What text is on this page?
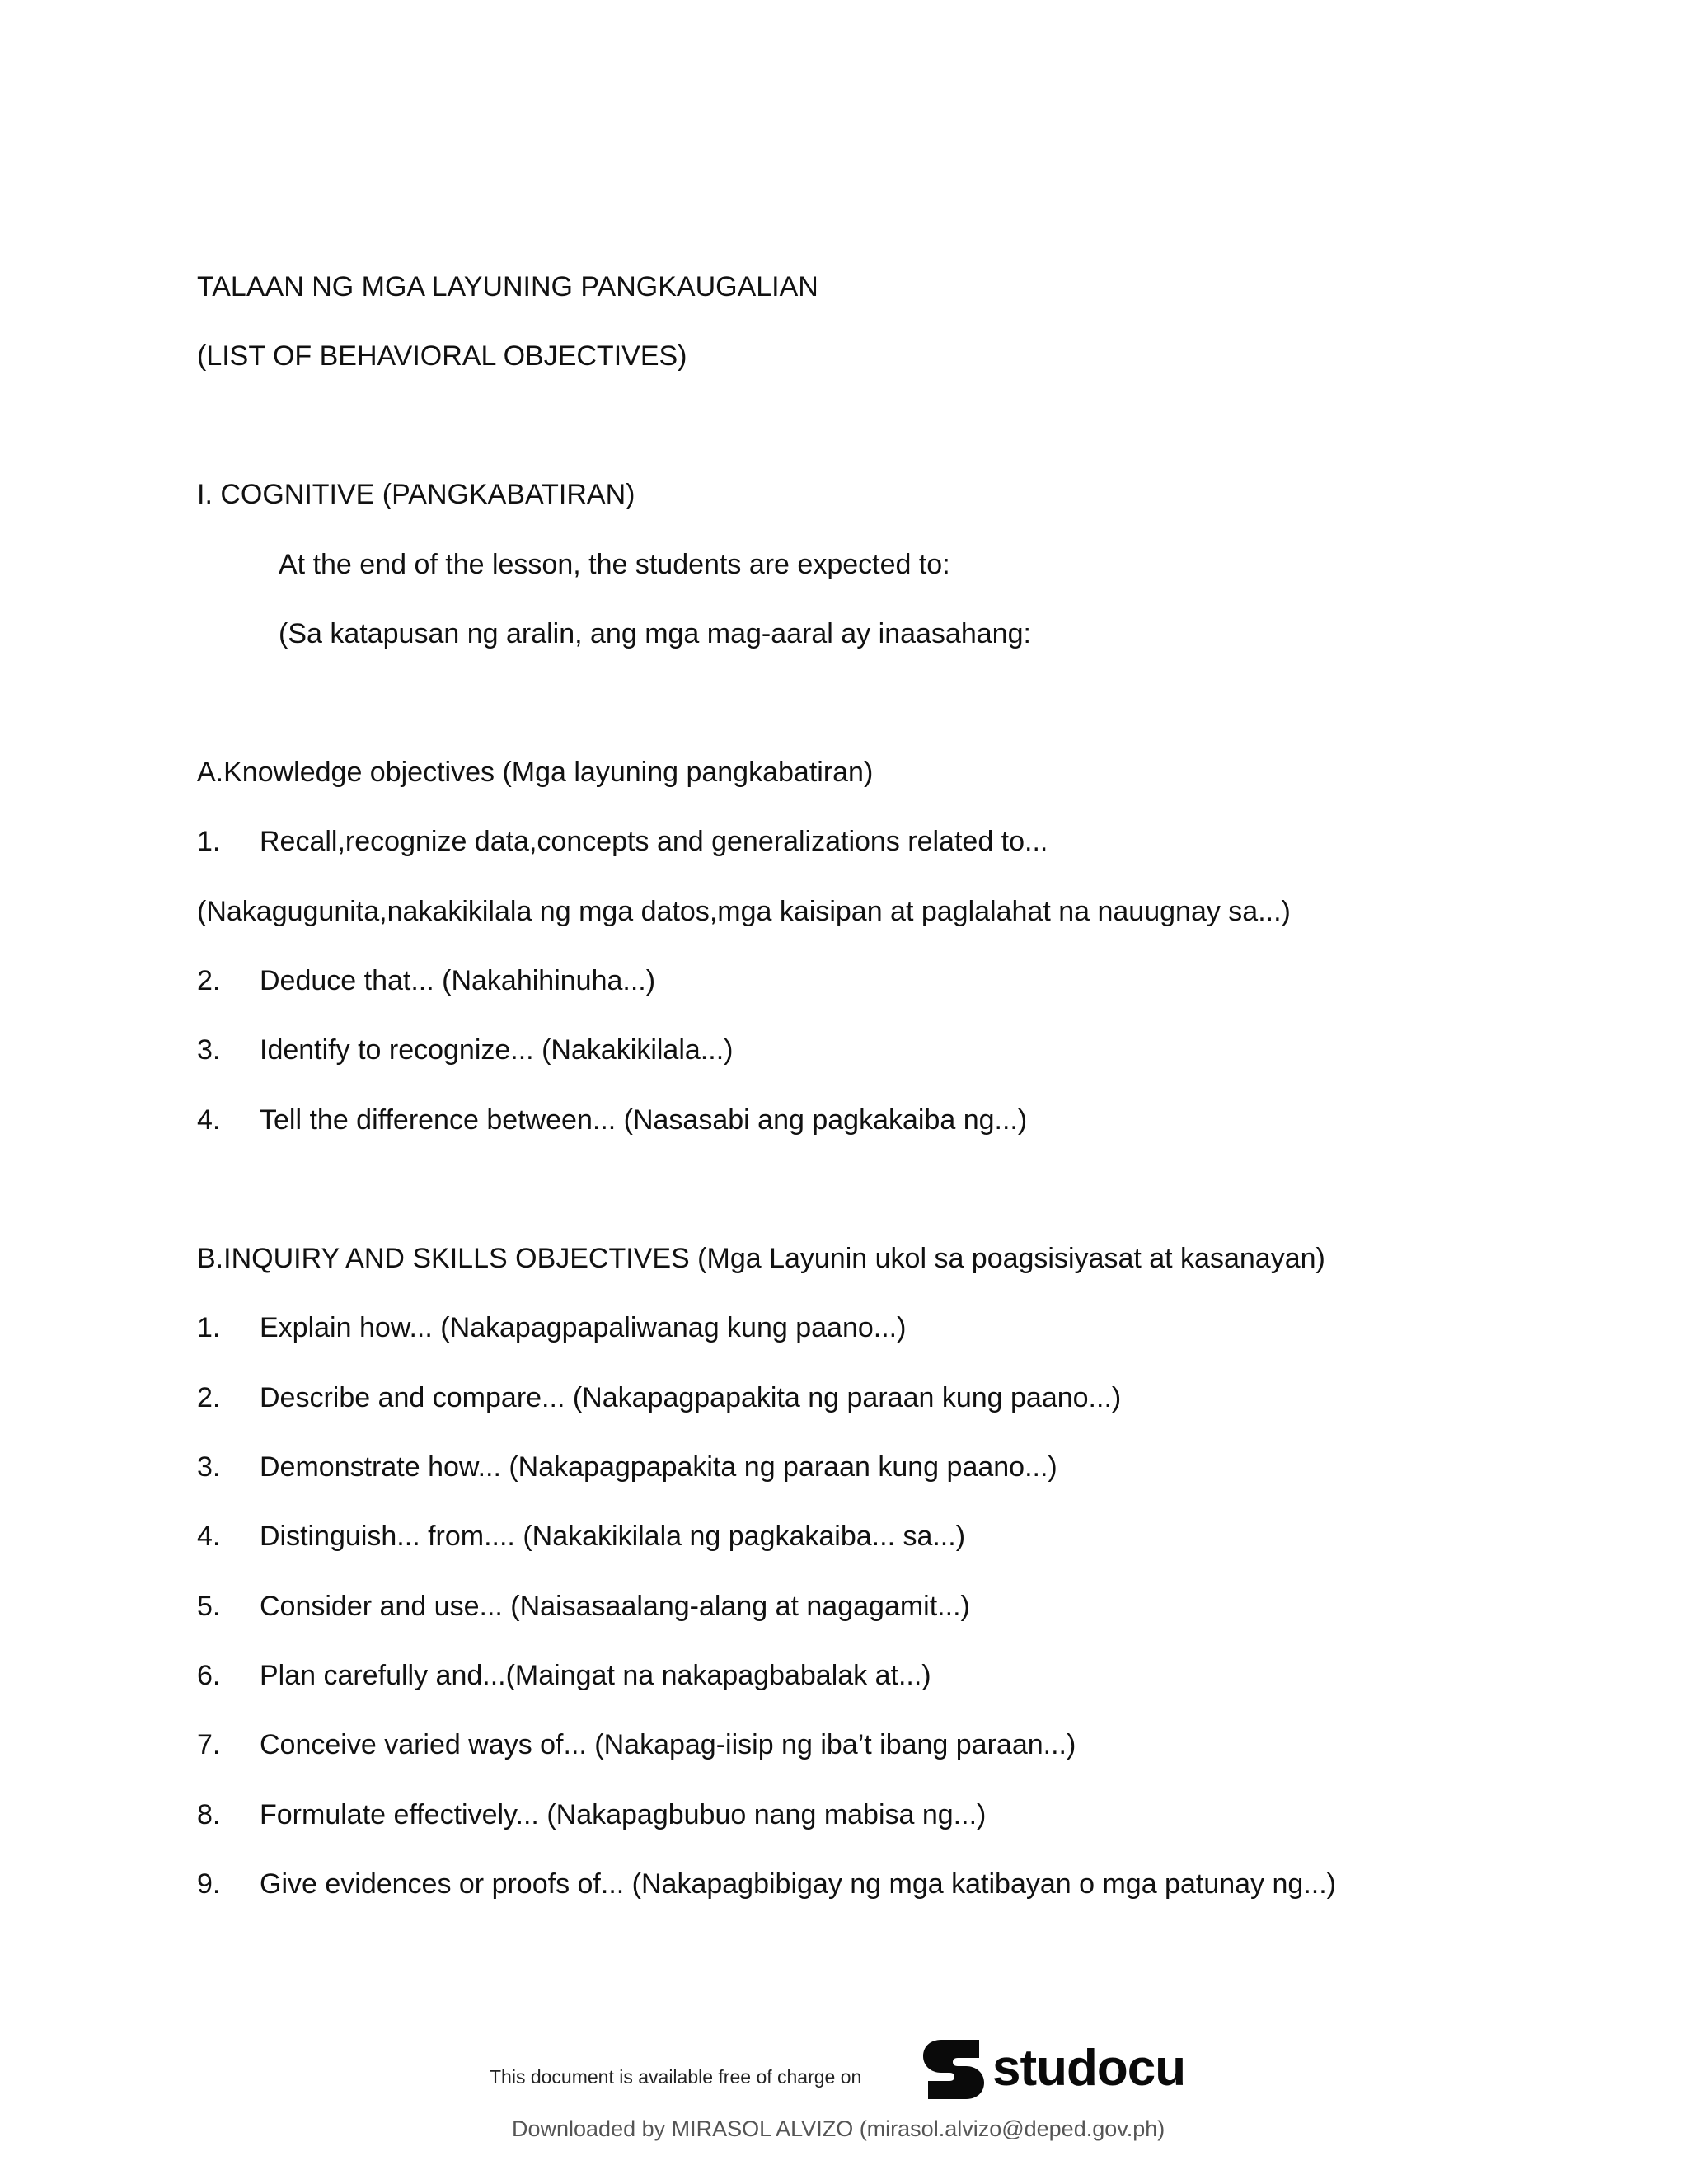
TALAAN NG MGA LAYUNING PANGKAUGALIAN
(LIST OF BEHAVIORAL OBJECTIVES)
I. COGNITIVE (PANGKABATIRAN)
At the end of the lesson, the students are expected to:
(Sa katapusan ng aralin, ang mga mag-aaral ay inaasahang:
A.Knowledge objectives (Mga layuning pangkabatiran)
1. Recall,recognize data,concepts and generalizations related to...
(Nakagugunita,nakakikilala ng mga datos,mga kaisipan at paglalahat na nauugnay sa...)
2. Deduce that... (Nakahihinuha...)
3. Identify to recognize... (Nakakikilala...)
4. Tell the difference between... (Nasasabi ang pagkakaiba ng...)
B.INQUIRY AND SKILLS OBJECTIVES (Mga Layunin ukol sa poagsisiyasat at kasanayan)
1. Explain how... (Nakapagpapaliwanag kung paano...)
2. Describe and compare... (Nakapagpapakita ng paraan kung paano...)
3. Demonstrate how... (Nakapagpapakita ng paraan kung paano...)
4. Distinguish... from.... (Nakakikilala ng pagkakaiba... sa...)
5. Consider and use... (Naisasaalang-alang at nagagamit...)
6. Plan carefully and...(Maingat na nakapagbabalak at...)
7. Conceive varied ways of... (Nakapag-iisip ng iba’t ibang paraan...)
8. Formulate effectively... (Nakapagbubuo nang mabisa ng...)
9. Give evidences or proofs of... (Nakapagbibigay ng mga katibayan o mga patunay ng...)
This document is available free of charge on	studocu
Downloaded by MIRASOL ALVIZO (mirasol.alvizo@deped.gov.ph)
